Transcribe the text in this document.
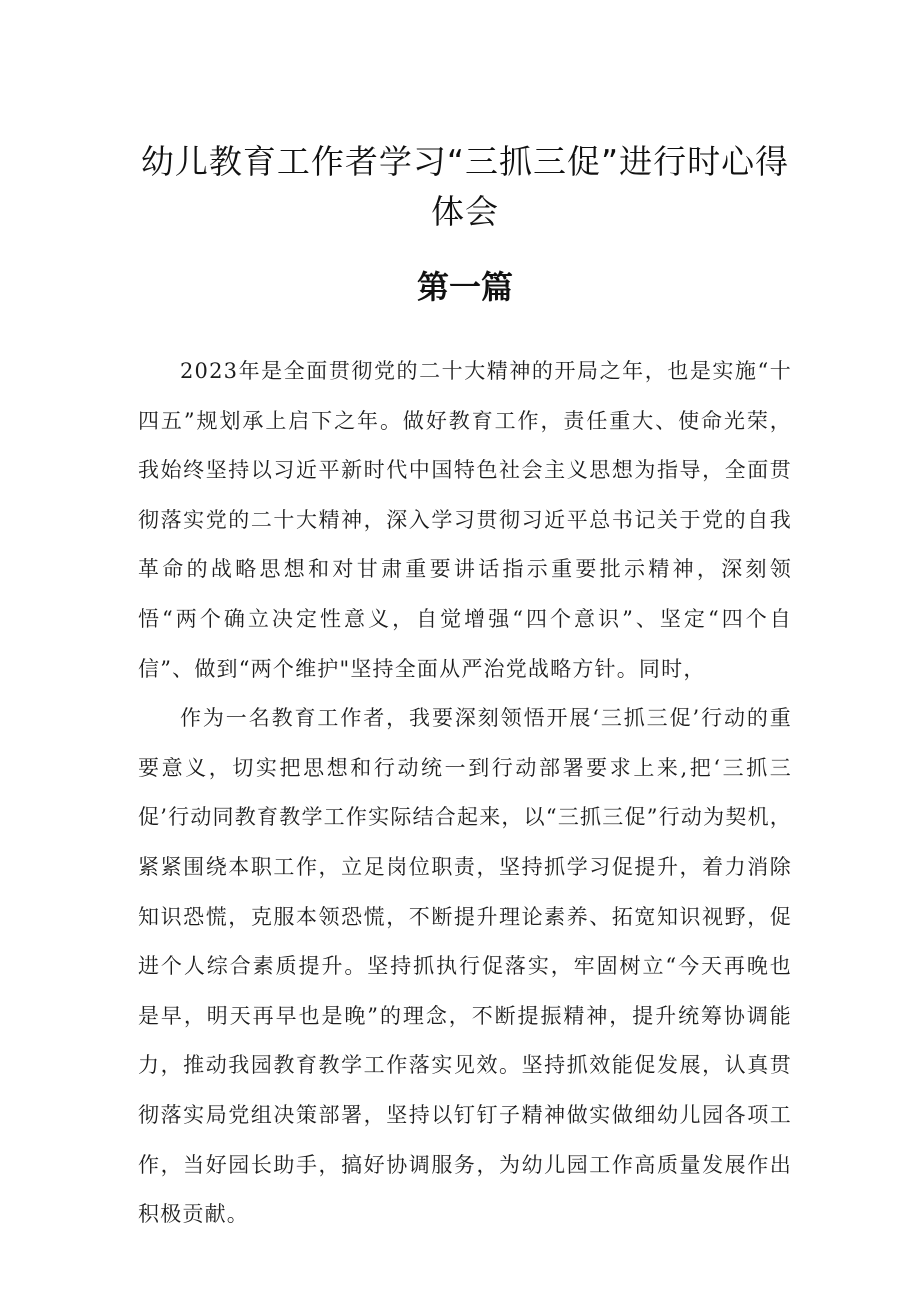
幼儿教育工作者学习“三抓三促”进行时心得体会
第一篇

2023年是全面贯彻党的二十大精神的开局之年，也是实施“十四五”规划承上启下之年。做好教育工作，责任重大、使命光荣，我始终坚持以习近平新时代中国特色社会主义思想为指导，全面贯彻落实党的二十大精神，深入学习贯彻习近平总书记关于党的自我革命的战略思想和对甘肃重要讲话指示重要批示精神，深刻领悟“两个确立决定性意义，自觉增强“四个意识”、坚定“四个自信”、做到“两个维护"坚持全面从严治党战略方针。同时，

作为一名教育工作者，我要深刻领悟开展‘三抓三促’行动的重要意义，切实把思想和行动统一到行动部署要求上来,把‘三抓三促’行动同教育教学工作实际结合起来，以“三抓三促”行动为契机，紧紧围绕本职工作，立足岗位职责，坚持抓学习促提升，着力消除知识恐慌，克服本领恐慌，不断提升理论素养、拓宽知识视野，促进个人综合素质提升。坚持抓执行促落实，牢固树立“今天再晚也是早，明天再早也是晚”的理念，不断提振精神，提升统筹协调能力，推动我园教育教学工作落实见效。坚持抓效能促发展，认真贯彻落实局党组决策部署，坚持以钉钉子精神做实做细幼儿园各项工作，当好园长助手，搞好协调服务，为幼儿园工作高质量发展作出积极贡献。
